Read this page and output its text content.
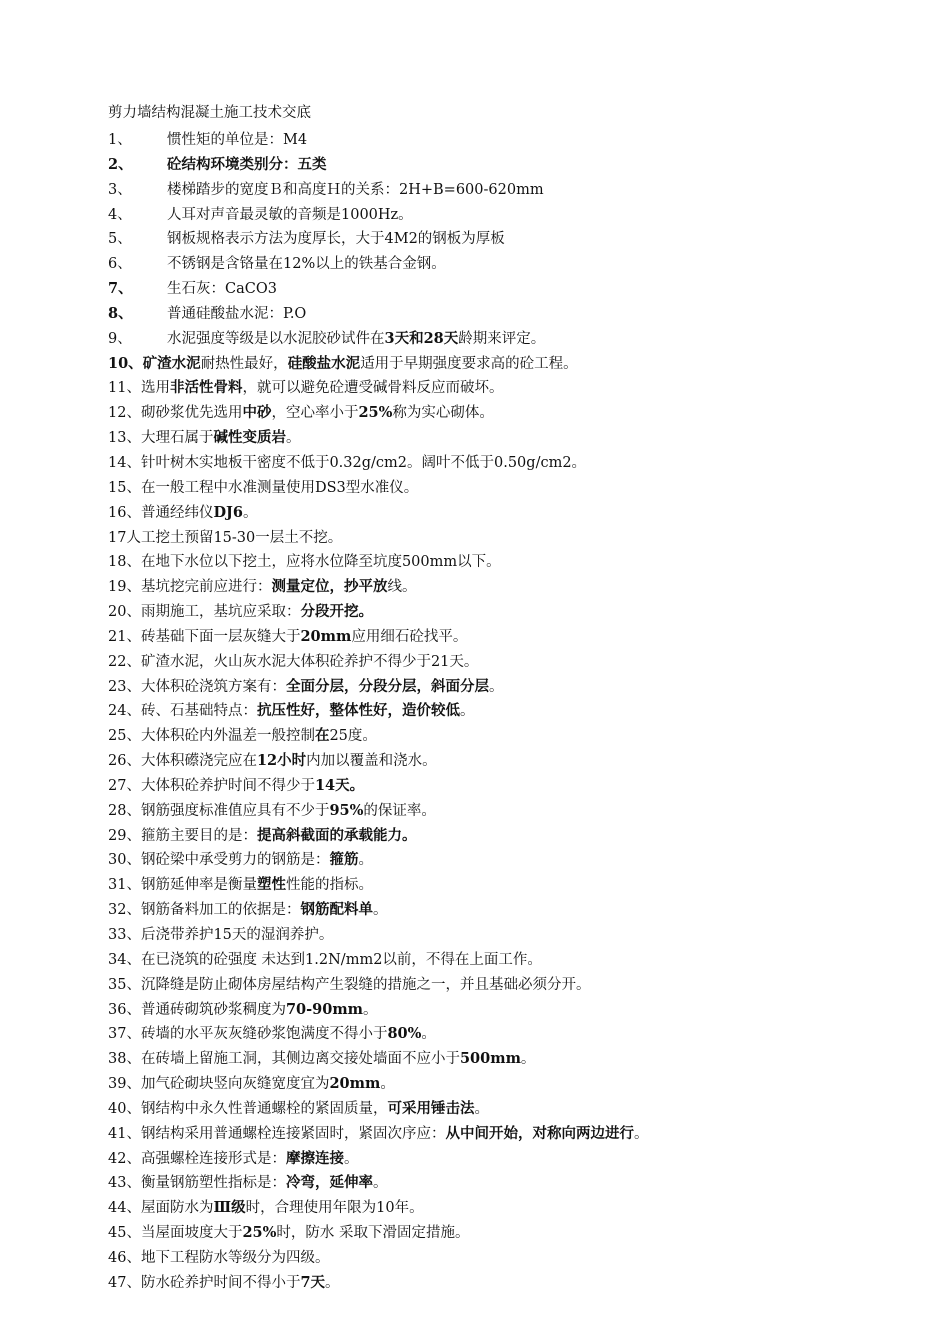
剪力墙结构混凝土施工技术交底
1、 惯性矩的单位是：M4
2、 砼结构环境类别分：五类
3、 楼梯踏步的宽度Ｂ和高度Ｈ的关系：2H+B=600-620mm
4、 人耳对声音最灵敏的音频是1000Hz。
5、 钢板规格表示方法为度厚长，大于4M2的钢板为厚板
6、 不锈钢是含铬量在12%以上的铁基合金钢。
7、 生石灰：CaCO3
8、 普通硅酸盐水泥：P.O
9、 水泥强度等级是以水泥胶砂试件在3天和28天龄期来评定。
10、矿渣水泥耐热性最好，硅酸盐水泥适用于早期强度要求高的砼工程。
11、选用非活性骨料，就可以避免砼遭受碱骨料反应而破坏。
12、砌砂浆优先选用中砂，空心率小于25%称为实心砌体。
13、大理石属于碱性变质岩。
14、针叶树木实地板干密度不低于0.32g/cm2。阔叶不低于0.50g/cm2。
15、在一般工程中水准测量使用DS3型水准仪。
16、普通经纬仪DJ6。
17人工挖土预留15-30一层土不挖。
18、在地下水位以下挖土，应将水位降至坑度500mm以下。
19、基坑挖完前应进行：测量定位，抄平放线。
20、雨期施工，基坑应采取：分段开挖。
21、砖基础下面一层灰缝大于20mm应用细石砼找平。
22、矿渣水泥，火山灰水泥大体积砼养护不得少于21天。
23、大体积砼浇筑方案有：全面分层，分段分层，斜面分层。
24、砖、石基础特点：抗压性好，整体性好，造价较低。
25、大体积砼内外温差一般控制在25度。
26、大体积礤浇完应在12小时内加以覆盖和浇水。
27、大体积砼养护时间不得少于14天。
28、钢筋强度标准值应具有不少于95%的保证率。
29、箍筋主要目的是：提高斜截面的承载能力。
30、钢砼梁中承受剪力的钢筋是：箍筋。
31、钢筋延伸率是衡量塑性性能的指标。
32、钢筋备料加工的依据是：钢筋配料单。
33、后浇带养护15天的湿润养护。
34、在已浇筑的砼强度 未达到1.2N/mm2以前，不得在上面工作。
35、沉降缝是防止砌体房屋结构产生裂缝的措施之一，并且基础必须分开。
36、普通砖砌筑砂浆稠度为70-90mm。
37、砖墙的水平灰灰缝砂浆饱满度不得小于80%。
38、在砖墙上留施工洞，其侧边离交接处墙面不应小于500mm。
39、加气砼砌块竖向灰缝宽度宜为20mm。
40、钢结构中永久性普通螺栓的紧固质量，可采用锤击法。
41、钢结构采用普通螺栓连接紧固时，紧固次序应：从中间开始，对称向两边进行。
42、高强螺栓连接形式是：摩擦连接。
43、衡量钢筋塑性指标是：冷弯，延伸率。
44、屋面防水为Ⅲ级时，合理使用年限为10年。
45、当屋面坡度大于25%时，防水 采取下滑固定措施。
46、地下工程防水等级分为四级。
47、防水砼养护时间不得小于7天。
